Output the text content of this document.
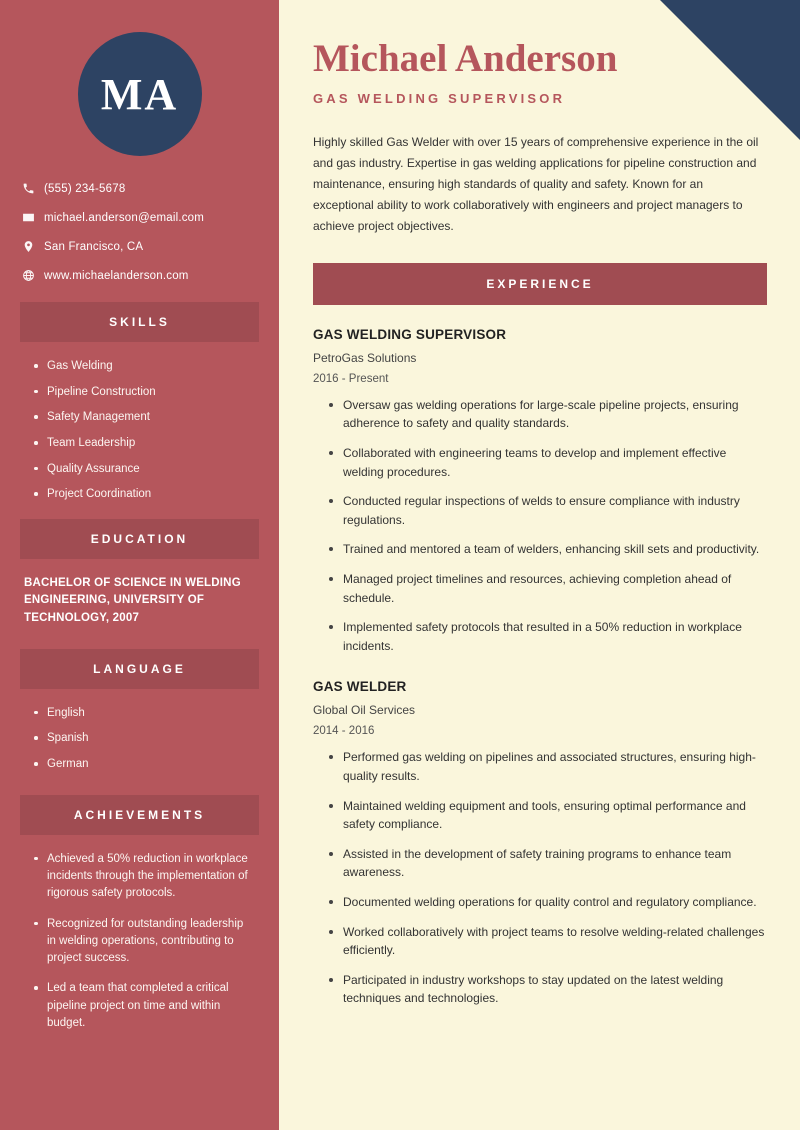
MA
(555) 234-5678
michael.anderson@email.com
San Francisco, CA
www.michaelanderson.com
SKILLS
Gas Welding
Pipeline Construction
Safety Management
Team Leadership
Quality Assurance
Project Coordination
EDUCATION
BACHELOR OF SCIENCE IN WELDING ENGINEERING, UNIVERSITY OF TECHNOLOGY, 2007
LANGUAGE
English
Spanish
German
ACHIEVEMENTS
Achieved a 50% reduction in workplace incidents through the implementation of rigorous safety protocols.
Recognized for outstanding leadership in welding operations, contributing to project success.
Led a team that completed a critical pipeline project on time and within budget.
Michael Anderson
GAS WELDING SUPERVISOR
Highly skilled Gas Welder with over 15 years of comprehensive experience in the oil and gas industry. Expertise in gas welding applications for pipeline construction and maintenance, ensuring high standards of quality and safety. Known for an exceptional ability to work collaboratively with engineers and project managers to achieve project objectives.
EXPERIENCE
GAS WELDING SUPERVISOR
PetroGas Solutions
2016 - Present
Oversaw gas welding operations for large-scale pipeline projects, ensuring adherence to safety and quality standards.
Collaborated with engineering teams to develop and implement effective welding procedures.
Conducted regular inspections of welds to ensure compliance with industry regulations.
Trained and mentored a team of welders, enhancing skill sets and productivity.
Managed project timelines and resources, achieving completion ahead of schedule.
Implemented safety protocols that resulted in a 50% reduction in workplace incidents.
GAS WELDER
Global Oil Services
2014 - 2016
Performed gas welding on pipelines and associated structures, ensuring high-quality results.
Maintained welding equipment and tools, ensuring optimal performance and safety compliance.
Assisted in the development of safety training programs to enhance team awareness.
Documented welding operations for quality control and regulatory compliance.
Worked collaboratively with project teams to resolve welding-related challenges efficiently.
Participated in industry workshops to stay updated on the latest welding techniques and technologies.
